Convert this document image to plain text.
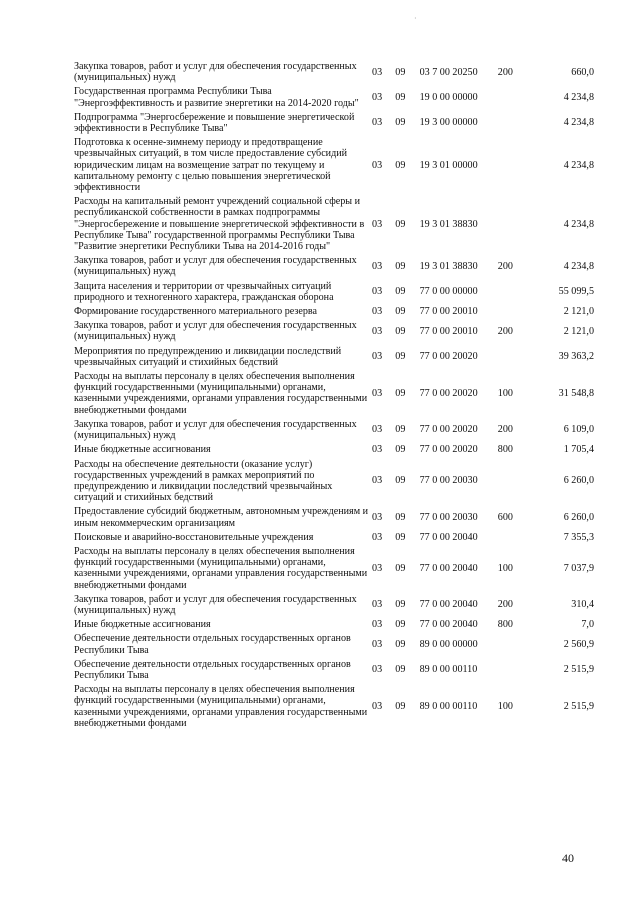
·
Закупка товаров, работ и услуг для обеспечения государственных (муниципальных) нужд	03	09	03 7 00 20250	200	660,0
Государственная программа Республики Тыва "Энергоэффективность и развитие энергетики на 2014-2020 годы"	03	09	19 0 00 00000		4 234,8
Подпрограмма "Энергосбережение и повышение энергетической эффективности в Республике Тыва"	03	09	19 3 00 00000		4 234,8
Подготовка к осенне-зимнему периоду и предотвращение чрезвычайных ситуаций, в том числе предоставление субсидий юридическим лицам на возмещение затрат по текущему и капитальному ремонту с целью повышения энергетической эффективности	03	09	19 3 01 00000		4 234,8
Расходы на капитальный ремонт учреждений социальной сферы и республиканской собственности в рамках подпрограммы "Энергосбережение и повышение энергетической эффективности в Республике Тыва" государственной программы Республики Тыва "Развитие энергетики Республики Тыва на 2014-2016 годы"	03	09	19 3 01 38830		4 234,8
Закупка товаров, работ и услуг для обеспечения государственных (муниципальных) нужд	03	09	19 3 01 38830	200	4 234,8
Защита населения и территории от чрезвычайных ситуаций природного и техногенного характера, гражданская оборона	03	09	77 0 00 00000		55 099,5
Формирование государственного материального резерва	03	09	77 0 00 20010		2 121,0
Закупка товаров, работ и услуг для обеспечения государственных (муниципальных) нужд	03	09	77 0 00 20010	200	2 121,0
Мероприятия по предупреждению и ликвидации последствий чрезвычайных ситуаций и стихийных бедствий	03	09	77 0 00 20020		39 363,2
Расходы на выплаты персоналу в целях обеспечения выполнения функций государственными (муниципальными) органами, казенными учреждениями, органами управления государственными внебюджетными фондами	03	09	77 0 00 20020	100	31 548,8
Закупка товаров, работ и услуг для обеспечения государственных (муниципальных) нужд	03	09	77 0 00 20020	200	6 109,0
Иные бюджетные ассигнования	03	09	77 0 00 20020	800	1 705,4
Расходы на обеспечение деятельности (оказание услуг) государственных учреждений в рамках мероприятий по предупреждению и ликвидации последствий чрезвычайных ситуаций и стихийных бедствий	03	09	77 0 00 20030		6 260,0
Предоставление субсидий бюджетным, автономным учреждениям и иным некоммерческим организациям	03	09	77 0 00 20030	600	6 260,0
Поисковые и аварийно-восстановительные учреждения	03	09	77 0 00 20040		7 355,3
Расходы на выплаты персоналу в целях обеспечения выполнения функций государственными (муниципальными) органами, казенными учреждениями, органами управления государственными внебюджетными фондами	03	09	77 0 00 20040	100	7 037,9
Закупка товаров, работ и услуг для обеспечения государственных (муниципальных) нужд	03	09	77 0 00 20040	200	310,4
Иные бюджетные ассигнования	03	09	77 0 00 20040	800	7,0
Обеспечение деятельности отдельных государственных органов Республики Тыва	03	09	89 0 00 00000		2 560,9
Обеспечение деятельности отдельных государственных органов Республики Тыва	03	09	89 0 00 00110		2 515,9
Расходы на выплаты персоналу в целях обеспечения выполнения функций государственными (муниципальными) органами, казенными учреждениями, органами управления государственными внебюджетными фондами	03	09	89 0 00 00110	100	2 515,9
40
